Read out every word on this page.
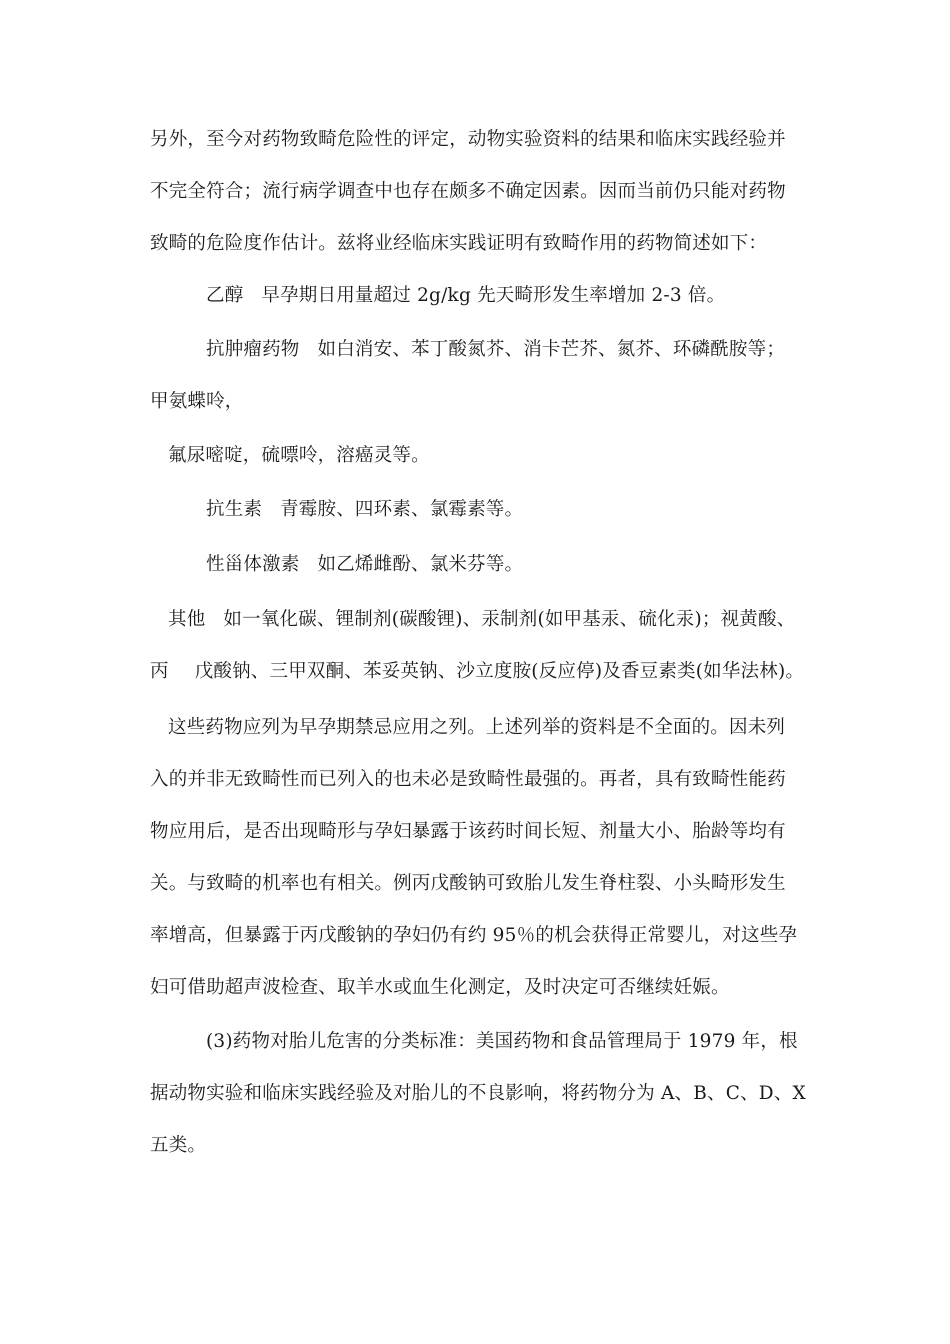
另外，至今对药物致畸危险性的评定，动物实验资料的结果和临床实践经验并
不完全符合；流行病学调查中也存在颇多不确定因素。因而当前仍只能对药物
致畸的危险度作估计。兹将业经临床实践证明有致畸作用的药物简述如下：
乙醇 早孕期日用量超过 2g/kg 先天畸形发生率增加 2-3 倍。
抗肿瘤药物 如白消安、苯丁酸氮芥、消卡芒芥、氮芥、环磷酰胺等；
甲氨蝶呤，
氟尿嘧啶，硫嘌呤，溶癌灵等。
抗生素 青霉胺、四环素、氯霉素等。
性甾体激素 如乙烯雌酚、氯米芬等。
其他 如一氧化碳、锂制剂(碳酸锂)、汞制剂(如甲基汞、硫化汞)；视黄酸、
丙 戊酸钠、三甲双酮、苯妥英钠、沙立度胺(反应停)及香豆素类(如华法林)。
这些药物应列为早孕期禁忌应用之列。上述列举的资料是不全面的。因未列
入的并非无致畸性而已列入的也未必是致畸性最强的。再者，具有致畸性能药
物应用后，是否出现畸形与孕妇暴露于该药时间长短、剂量大小、胎龄等均有
关。与致畸的机率也有相关。例丙戊酸钠可致胎儿发生脊柱裂、小头畸形发生
率增高，但暴露于丙戊酸钠的孕妇仍有约 95％的机会获得正常婴儿，对这些孕
妇可借助超声波检查、取羊水或血生化测定，及时决定可否继续妊娠。
(3)药物对胎儿危害的分类标准：美国药物和食品管理局于 1979 年，根
据动物实验和临床实践经验及对胎儿的不良影响，将药物分为 A、B、C、D、X
五类。
